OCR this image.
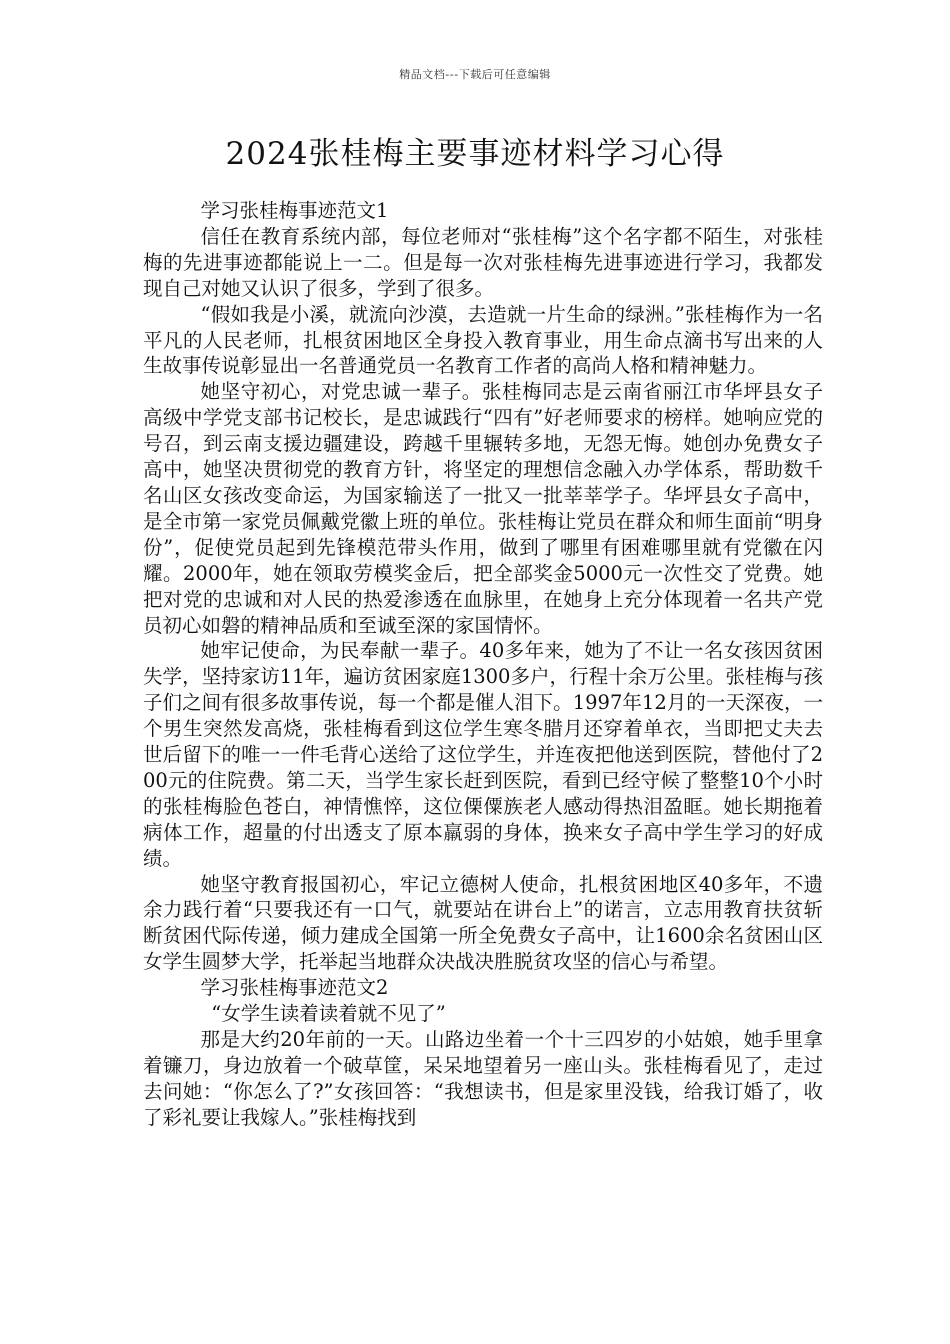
精品文档---下载后可任意编辑
2024张桂梅主要事迹材料学习心得

学习张桂梅事迹范文1

信任在教育系统内部，每位老师对“张桂梅”这个名字都不陌生，对张桂梅的先进事迹都能说上一二。但是每一次对张桂梅先进事迹进行学习，我都发现自己对她又认识了很多，学到了很多。

“假如我是小溪，就流向沙漠，去造就一片生命的绿洲。”张桂梅作为一名平凡的人民老师，扎根贫困地区全身投入教育事业，用生命点滴书写出来的人生故事传说彰显出一名普通党员一名教育工作者的高尚人格和精神魅力。

她坚守初心，对党忠诚一辈子。张桂梅同志是云南省丽江市华坪县女子高级中学党支部书记校长，是忠诚践行“四有”好老师要求的榜样。她响应党的号召，到云南支援边疆建设，跨越千里辗转多地，无怨无悔。她创办免费女子高中，她坚决贯彻党的教育方针，将坚定的理想信念融入办学体系，帮助数千名山区女孩改变命运，为国家输送了一批又一批莘莘学子。华坪县女子高中，是全市第一家党员佩戴党徽上班的单位。张桂梅让党员在群众和师生面前“明身份”，促使党员起到先锋模范带头作用，做到了哪里有困难哪里就有党徽在闪耀。2000年，她在领取劳模奖金后，把全部奖金5000元一次性交了党费。她把对党的忠诚和对人民的热爱渗透在血脉里，在她身上充分体现着一名共产党员初心如磐的精神品质和至诚至深的家国情怀。

她牢记使命，为民奉献一辈子。40多年来，她为了不让一名女孩因贫困失学，坚持家访11年，遍访贫困家庭1300多户，行程十余万公里。张桂梅与孩子们之间有很多故事传说，每一个都是催人泪下。1997年12月的一天深夜，一个男生突然发高烧，张桂梅看到这位学生寒冬腊月还穿着单衣，当即把丈夫去世后留下的唯一一件毛背心送给了这位学生，并连夜把他送到医院，替他付了200元的住院费。第二天，当学生家长赶到医院，看到已经守候了整整10个小时的张桂梅脸色苍白，神情憔悴，这位傈僳族老人感动得热泪盈眶。她长期拖着病体工作，超量的付出透支了原本羸弱的身体，换来女子高中学生学习的好成绩。

她坚守教育报国初心，牢记立德树人使命，扎根贫困地区40多年，不遗余力践行着“只要我还有一口气，就要站在讲台上”的诺言，立志用教育扶贫斩断贫困代际传递，倾力建成全国第一所全免费女子高中，让1600余名贫困山区女学生圆梦大学，托举起当地群众决战决胜脱贫攻坚的信心与希望。

学习张桂梅事迹范文2

“女学生读着读着就不见了”

那是大约20年前的一天。山路边坐着一个十三四岁的小姑娘，她手里拿着镰刀，身边放着一个破草筐，呆呆地望着另一座山头。张桂梅看见了，走过去问她：“你怎么了?”女孩回答：“我想读书，但是家里没钱，给我订婚了，收了彩礼要让我嫁人。”张桂梅找到
